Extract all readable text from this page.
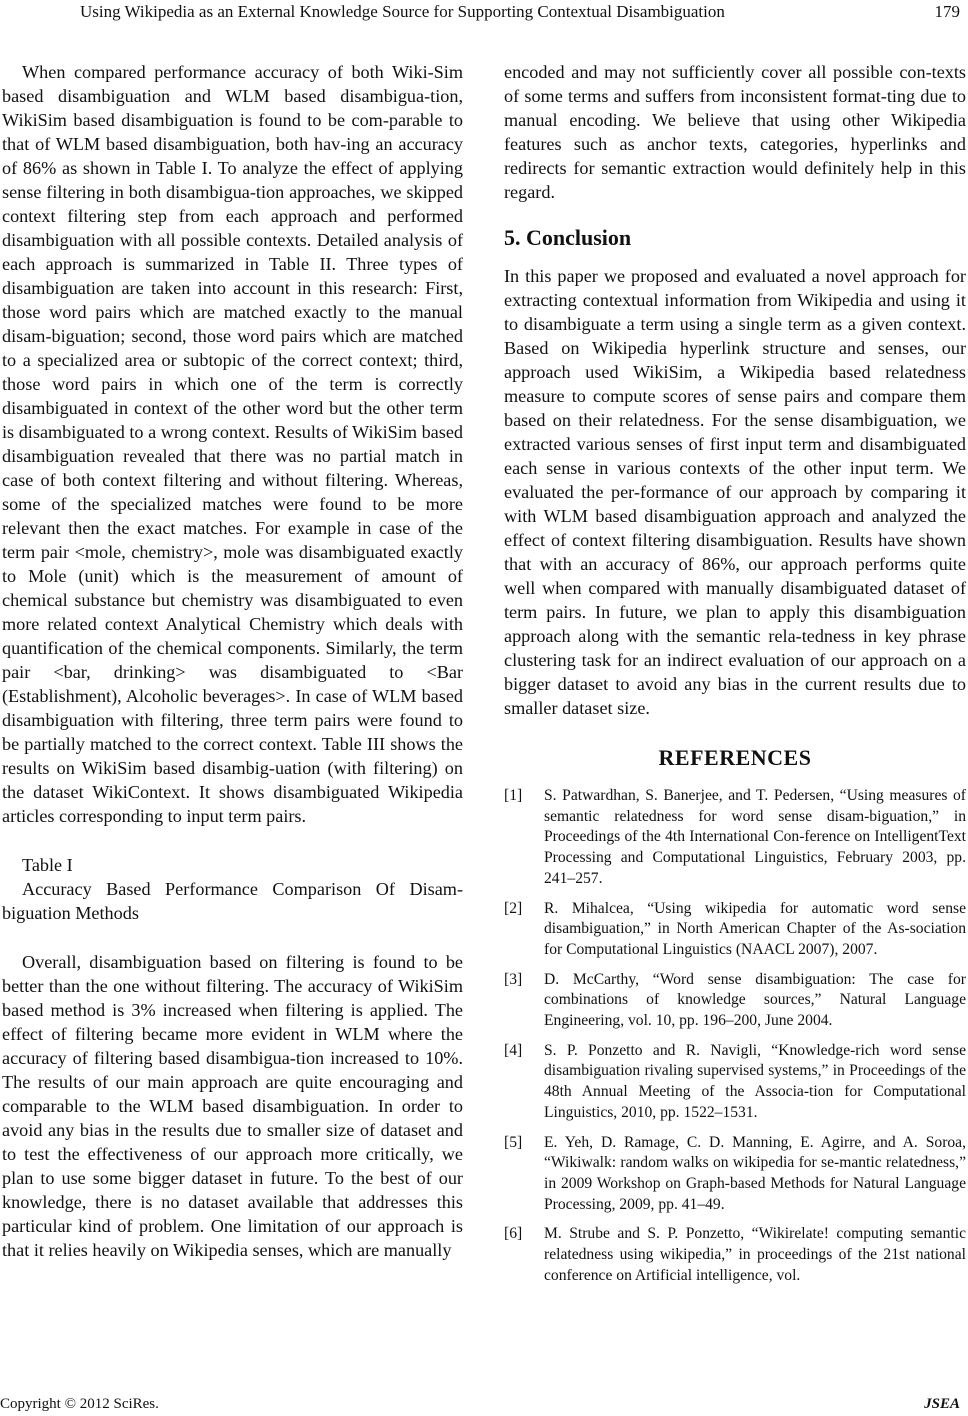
Using Wikipedia as an External Knowledge Source for Supporting Contextual Disambiguation	179

When compared performance accuracy of both Wiki-Sim based disambiguation and WLM based disambigua-tion, WikiSim based disambiguation is found to be com-parable to that of WLM based disambiguation, both hav-ing an accuracy of 86% as shown in Table I. To analyze the effect of applying sense filtering in both disambigua-tion approaches, we skipped context filtering step from each approach and performed disambiguation with all possible contexts. Detailed analysis of each approach is summarized in Table II. Three types of disambiguation are taken into account in this research: First, those word pairs which are matched exactly to the manual disam-biguation; second, those word pairs which are matched to a specialized area or subtopic of the correct context; third, those word pairs in which one of the term is correctly disambiguated in context of the other word but the other term is disambiguated to a wrong context. Results of WikiSim based disambiguation revealed that there was no partial match in case of both context filtering and without filtering. Whereas, some of the specialized matches were found to be more relevant then the exact matches. For example in case of the term pair <mole, chemistry>, mole was disambiguated exactly to Mole (unit) which is the measurement of amount of chemical substance but chemistry was disambiguated to even more related context Analytical Chemistry which deals with quantification of the chemical components. Similarly, the term pair <bar, drinking> was disambiguated to <Bar (Establishment), Alcoholic beverages>. In case of WLM based disambiguation with filtering, three term pairs were found to be partially matched to the correct context. Table III shows the results on WikiSim based disambig-uation (with filtering) on the dataset WikiContext. It shows disambiguated Wikipedia articles corresponding to input term pairs.

Table I
Accuracy Based Performance Comparison Of Disam-biguation Methods

Overall, disambiguation based on filtering is found to be better than the one without filtering. The accuracy of WikiSim based method is 3% increased when filtering is applied. The effect of filtering became more evident in WLM where the accuracy of filtering based disambigua-tion increased to 10%. The results of our main approach are quite encouraging and comparable to the WLM based disambiguation. In order to avoid any bias in the results due to smaller size of dataset and to test the effectiveness of our approach more critically, we plan to use some bigger dataset in future. To the best of our knowledge, there is no dataset available that addresses this particular kind of problem. One limitation of our approach is that it relies heavily on Wikipedia senses, which are manually

encoded and may not sufficiently cover all possible con-texts of some terms and suffers from inconsistent format-ting due to manual encoding. We believe that using other Wikipedia features such as anchor texts, categories, hyperlinks and redirects for semantic extraction would definitely help in this regard.

5. Conclusion

In this paper we proposed and evaluated a novel approach for extracting contextual information from Wikipedia and using it to disambiguate a term using a single term as a given context. Based on Wikipedia hyperlink structure and senses, our approach used WikiSim, a Wikipedia based relatedness measure to compute scores of sense pairs and compare them based on their relatedness. For the sense disambiguation, we extracted various senses of first input term and disambiguated each sense in various contexts of the other input term. We evaluated the per-formance of our approach by comparing it with WLM based disambiguation approach and analyzed the effect of context filtering disambiguation. Results have shown that with an accuracy of 86%, our approach performs quite well when compared with manually disambiguated dataset of term pairs. In future, we plan to apply this disambiguation approach along with the semantic rela-tedness in key phrase clustering task for an indirect evaluation of our approach on a bigger dataset to avoid any bias in the current results due to smaller dataset size.

REFERENCES
[1]	S. Patwardhan, S. Banerjee, and T. Pedersen, “Using measures of semantic relatedness for word sense disam-biguation,” in Proceedings of the 4th International Con-ference on IntelligentText Processing and Computational Linguistics, February 2003, pp. 241–257.
[2]	R. Mihalcea, “Using wikipedia for automatic word sense disambiguation,” in North American Chapter of the As-sociation for Computational Linguistics (NAACL 2007), 2007.
[3]	D. McCarthy, “Word sense disambiguation: The case for combinations of knowledge sources,” Natural Language Engineering, vol. 10, pp. 196–200, June 2004.
[4]	S. P. Ponzetto and R. Navigli, “Knowledge-rich word sense disambiguation rivaling supervised systems,” in Proceedings of the 48th Annual Meeting of the Associa-tion for Computational Linguistics, 2010, pp. 1522–1531.
[5]	E. Yeh, D. Ramage, C. D. Manning, E. Agirre, and A. Soroa, “Wikiwalk: random walks on wikipedia for se-mantic relatedness,” in 2009 Workshop on Graph-based Methods for Natural Language Processing, 2009, pp. 41–49.
[6]	M. Strube and S. P. Ponzetto, “Wikirelate! computing semantic relatedness using wikipedia,” in proceedings of the 21st national conference on Artificial intelligence, vol.
Copyright © 2012 SciRes.	JSEA
